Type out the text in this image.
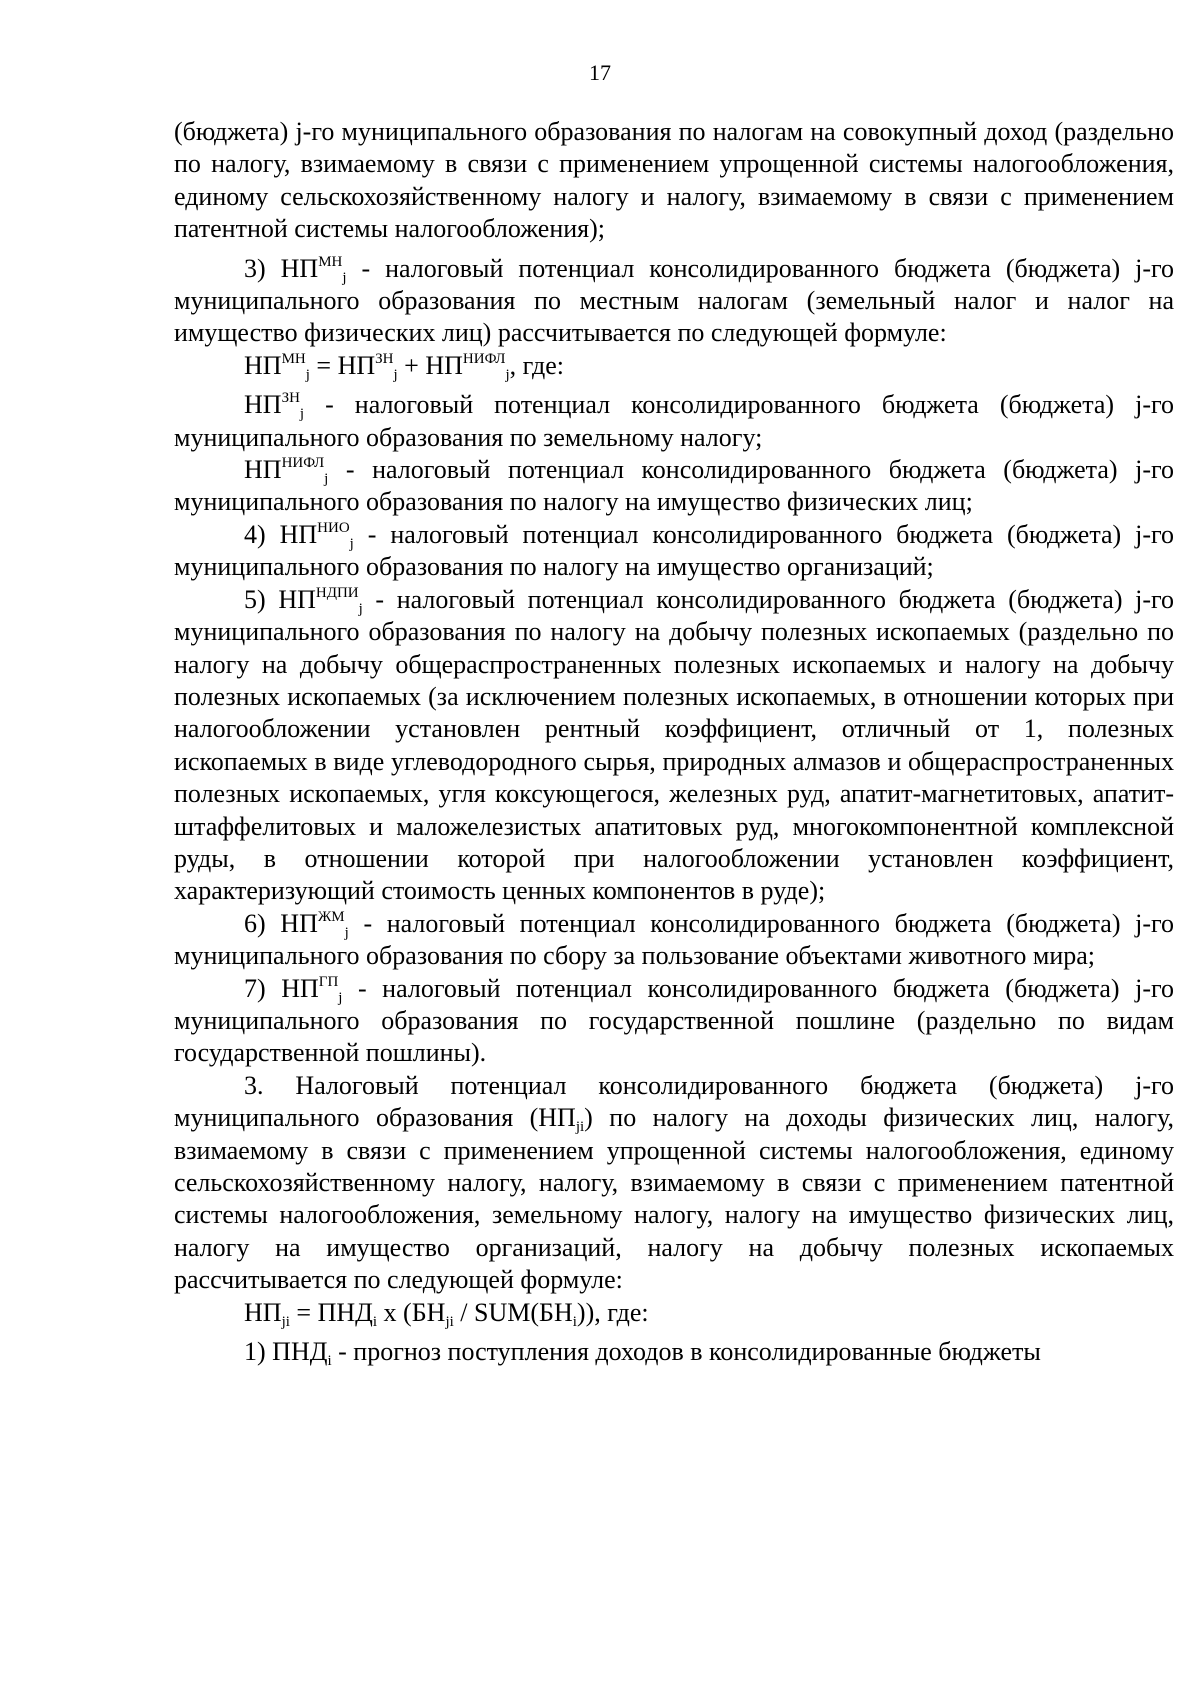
17

(бюджета) j-го муниципального образования по налогам на совокупный доход (раздельно по налогу, взимаемому в связи с применением упрощенной системы налогообложения, единому сельскохозяйственному налогу и налогу, взимаемому в связи с применением патентной системы налогообложения);

3) $НП^{МН}_j$ - налоговый потенциал консолидированного бюджета (бюджета) j-го муниципального образования по местным налогам (земельный налог и налог на имущество физических лиц) рассчитывается по следующей формуле:

$НП^{МН}_j = НП^{ЗН}_j + НП^{НИФЛ}_j$, где:

$НП^{ЗН}_j$ - налоговый потенциал консолидированного бюджета (бюджета) j-го муниципального образования по земельному налогу;

$НП^{НИФЛ}_j$ - налоговый потенциал консолидированного бюджета (бюджета) j-го муниципального образования по налогу на имущество физических лиц;

4) $НП^{НИО}_j$ - налоговый потенциал консолидированного бюджета (бюджета) j-го муниципального образования по налогу на имущество организаций;

5) $НП^{НДПИ}_j$ - налоговый потенциал консолидированного бюджета (бюджета) j-го муниципального образования по налогу на добычу полезных ископаемых (раздельно по налогу на добычу общераспространенных полезных ископаемых и налогу на добычу полезных ископаемых (за исключением полезных ископаемых, в отношении которых при налогообложении установлен рентный коэффициент, отличный от 1, полезных ископаемых в виде углеводородного сырья, природных алмазов и общераспространенных полезных ископаемых, угля коксующегося, железных руд, апатит-магнетитовых, апатит-штаффелитовых и маложелезистых апатитовых руд, многокомпонентной комплексной руды, в отношении которой при налогообложении установлен коэффициент, характеризующий стоимость ценных компонентов в руде);

6) $НП^{ЖМ}_j$ - налоговый потенциал консолидированного бюджета (бюджета) j-го муниципального образования по сбору за пользование объектами животного мира;

7) $НП^{ГП}_j$ - налоговый потенциал консолидированного бюджета (бюджета) j-го муниципального образования по государственной пошлине (раздельно по видам государственной пошлины).

3. Налоговый потенциал консолидированного бюджета (бюджета) j-го муниципального образования $(НП_{ji})$ по налогу на доходы физических лиц, налогу, взимаемому в связи с применением упрощенной системы налогообложения, единому сельскохозяйственному налогу, налогу, взимаемому в связи с применением патентной системы налогообложения, земельному налогу, налогу на имущество физических лиц, налогу на имущество организаций, налогу на добычу полезных ископаемых рассчитывается по следующей формуле:

$НП_{ji} = ПНД_i$ x $(БН_{ji} / SUM(БН_i))$, где:

1) $ПНД_i$ - прогноз поступления доходов в консолидированные бюджеты
